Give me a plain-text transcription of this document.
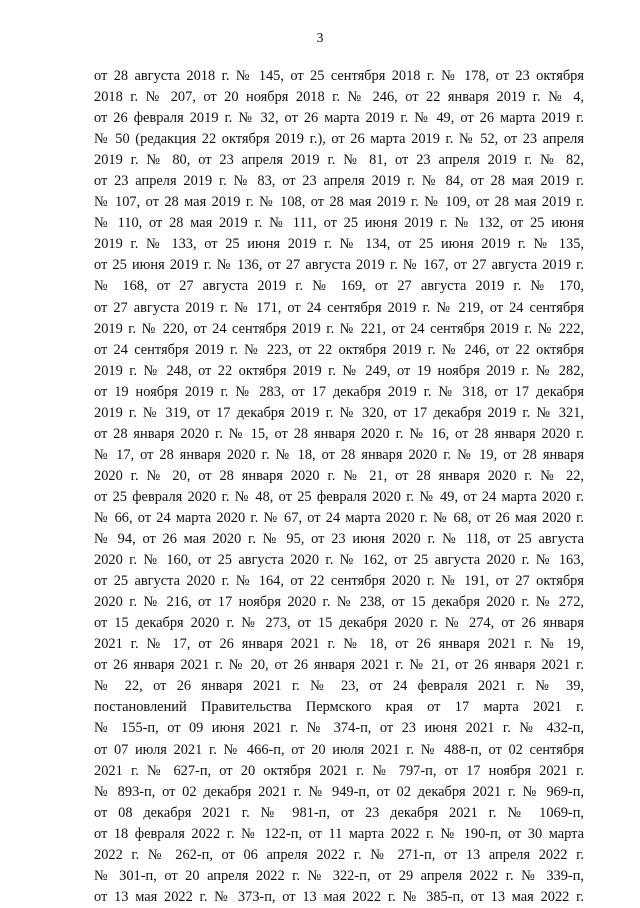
3
от 28 августа 2018 г. № 145, от 25 сентября 2018 г. № 178, от 23 октября
2018 г. № 207, от 20 ноября 2018 г. № 246, от 22 января 2019 г. № 4,
от 26 февраля 2019 г. № 32, от 26 марта 2019 г. № 49, от 26 марта 2019 г.
№ 50 (редакция 22 октября 2019 г.), от 26 марта 2019 г. № 52, от 23 апреля
2019 г. № 80, от 23 апреля 2019 г. № 81, от 23 апреля 2019 г. № 82,
от 23 апреля 2019 г. № 83, от 23 апреля 2019 г. № 84, от 28 мая 2019 г.
№ 107, от 28 мая 2019 г. № 108, от 28 мая 2019 г. № 109, от 28 мая 2019 г.
№ 110, от 28 мая 2019 г. № 111, от 25 июня 2019 г. № 132, от 25 июня
2019 г. № 133, от 25 июня 2019 г. № 134, от 25 июня 2019 г. № 135,
от 25 июня 2019 г. № 136, от 27 августа 2019 г. № 167, от 27 августа 2019 г.
№ 168, от 27 августа 2019 г. № 169, от 27 августа 2019 г. № 170,
от 27 августа 2019 г. № 171, от 24 сентября 2019 г. № 219, от 24 сентября
2019 г. № 220, от 24 сентября 2019 г. № 221, от 24 сентября 2019 г. № 222,
от 24 сентября 2019 г. № 223, от 22 октября 2019 г. № 246, от 22 октября
2019 г. № 248, от 22 октября 2019 г. № 249, от 19 ноября 2019 г. № 282,
от 19 ноября 2019 г. № 283, от 17 декабря 2019 г. № 318, от 17 декабря
2019 г. № 319, от 17 декабря 2019 г. № 320, от 17 декабря 2019 г. № 321,
от 28 января 2020 г. № 15, от 28 января 2020 г. № 16, от 28 января 2020 г.
№ 17, от 28 января 2020 г. № 18, от 28 января 2020 г. № 19, от 28 января
2020 г. № 20, от 28 января 2020 г. № 21, от 28 января 2020 г. № 22,
от 25 февраля 2020 г. № 48, от 25 февраля 2020 г. № 49, от 24 марта 2020 г.
№ 66, от 24 марта 2020 г. № 67, от 24 марта 2020 г. № 68, от 26 мая 2020 г.
№ 94, от 26 мая 2020 г. № 95, от 23 июня 2020 г. № 118, от 25 августа
2020 г. № 160, от 25 августа 2020 г. № 162, от 25 августа 2020 г. № 163,
от 25 августа 2020 г. № 164, от 22 сентября 2020 г. № 191, от 27 октября
2020 г. № 216, от 17 ноября 2020 г. № 238, от 15 декабря 2020 г. № 272,
от 15 декабря 2020 г. № 273, от 15 декабря 2020 г. № 274, от 26 января
2021 г. № 17, от 26 января 2021 г. № 18, от 26 января 2021 г. № 19,
от 26 января 2021 г. № 20, от 26 января 2021 г. № 21, от 26 января 2021 г.
№ 22, от 26 января 2021 г. № 23, от 24 февраля 2021 г. № 39,
постановлений Правительства Пермского края от 17 марта 2021 г.
№ 155-п, от 09 июня 2021 г. № 374-п, от 23 июня 2021 г. № 432-п,
от 07 июля 2021 г. № 466-п, от 20 июля 2021 г. № 488-п, от 02 сентября
2021 г. № 627-п, от 20 октября 2021 г. № 797-п, от 17 ноября 2021 г.
№ 893-п, от 02 декабря 2021 г. № 949-п, от 02 декабря 2021 г. № 969-п,
от 08 декабря 2021 г. № 981-п, от 23 декабря 2021 г. № 1069-п,
от 18 февраля 2022 г. № 122-п, от 11 марта 2022 г. № 190-п, от 30 марта
2022 г. № 262-п, от 06 апреля 2022 г. № 271-п, от 13 апреля 2022 г.
№ 301-п, от 20 апреля 2022 г. № 322-п, от 29 апреля 2022 г. № 339-п,
от 13 мая 2022 г. № 373-п, от 13 мая 2022 г. № 385-п, от 13 мая 2022 г.
